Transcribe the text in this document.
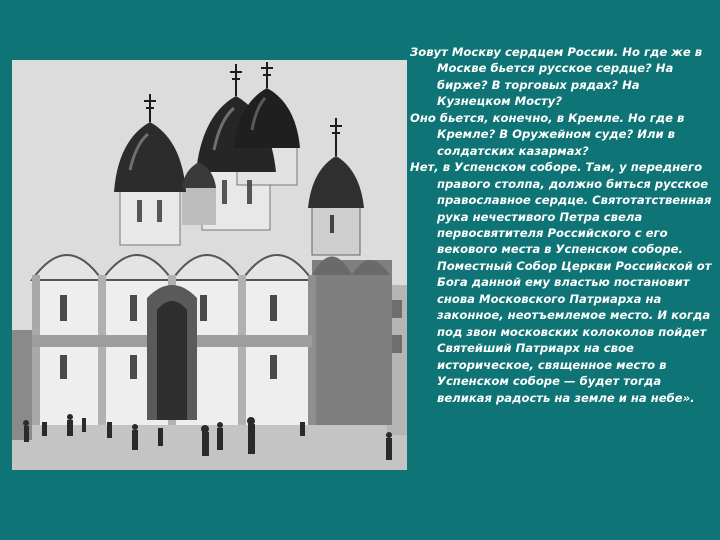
Зовут Москву сердцем России. Но где же в Москве бьется русское сердце? На бирже? В торговых рядах? На Кузнецком Мосту?

Оно бьется, конечно, в Кремле. Но где в Кремле? В Оружейном суде? Или в солдатских казармах?

Нет, в Успенском соборе. Там, у переднего правого столпа, должно биться русское православное сердце. Святотатственная рука нечестивого Петра свела первосвятителя Российского с его векового места в Успенском соборе. Поместный Собор Церкви Российской от Бога данной ему властью постановит снова Московского Патриарха на законное, неотъемлемое место. И когда под звон московских колоколов пойдет Святейший Патриарх на свое историческое, священное место в Успенском соборе — будет тогда великая радость на земле и на небе».
